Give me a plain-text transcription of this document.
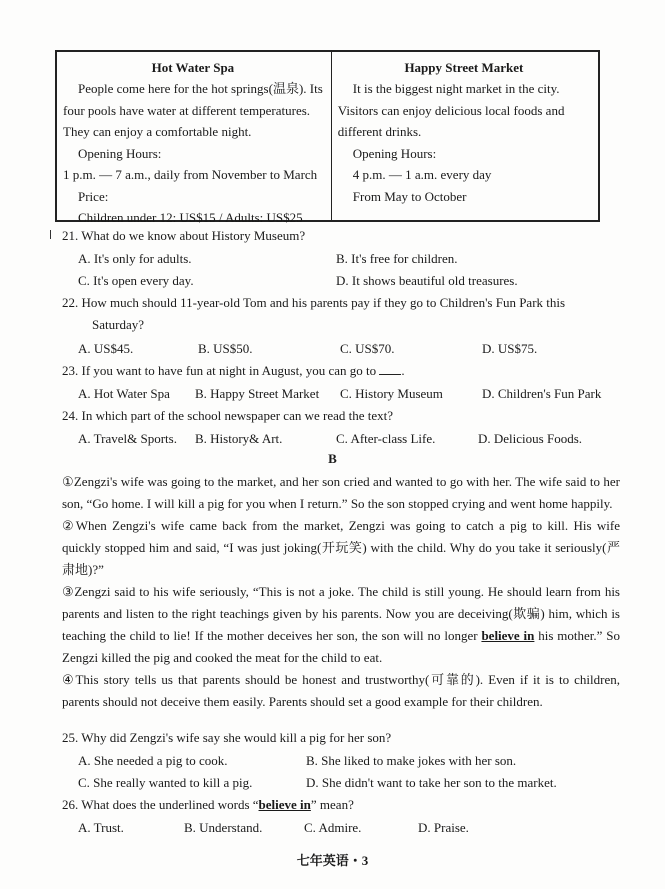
Hot Water Spa
People come here for the hot springs(温泉). Its
four pools have water at different temperatures.
They can enjoy a comfortable night.
Opening Hours:
1 p.m. — 7 a.m., daily from November to March
Price:
Children under 12: US$15 / Adults: US$25
Happy Street Market
It is the biggest night market in the city.
Visitors can enjoy delicious local foods and
different drinks.
Opening Hours:
4 p.m. — 1 a.m. every day
From May to October
21. What do we know about History Museum?
A. It's only for adults.	B. It's free for children.
C. It's open every day.	D. It shows beautiful old treasures.
22. How much should 11-year-old Tom and his parents pay if they go to Children's Fun Park this
Saturday?
A. US$45.	B. US$50.	C. US$70.	D. US$75.
23. If you want to have fun at night in August, you can go to .
A. Hot Water Spa B. Happy Street Market C. History Museum	D. Children's Fun Park
24. In which part of the school newspaper can we read the text?
A. Travel& Sports. B. History& Art.	C. After-class Life.	D. Delicious Foods.
B

①Zengzi's wife was going to the market, and her son cried and wanted to go with her. The wife said to her son, “Go home. I will kill a pig for you when I return.” So the son stopped crying and went home happily.

②When Zengzi's wife came back from the market, Zengzi was going to catch a pig to kill. His wife quickly stopped him and said, “I was just joking(开玩笑) with the child. Why do you take it seriously(严肃地)?”

③Zengzi said to his wife seriously, “This is not a joke. The child is still young. He should learn from his parents and listen to the right teachings given by his parents. Now you are deceiving(欺骗) him, which is teaching the child to lie! If the mother deceives her son, the son will no longer believe in his mother.” So Zengzi killed the pig and cooked the meat for the child to eat.

④This story tells us that parents should be honest and trustworthy(可靠的). Even if it is to children, parents should not deceive them easily. Parents should set a good example for their children.

25. Why did Zengzi's wife say she would kill a pig for her son?
A. She needed a pig to cook.	B. She liked to make jokes with her son.
C. She really wanted to kill a pig.	D. She didn't want to take her son to the market.
26. What does the underlined words “believe in” mean?
A. Trust.	B. Understand.	C. Admire.	D. Praise.
七年英语・3
